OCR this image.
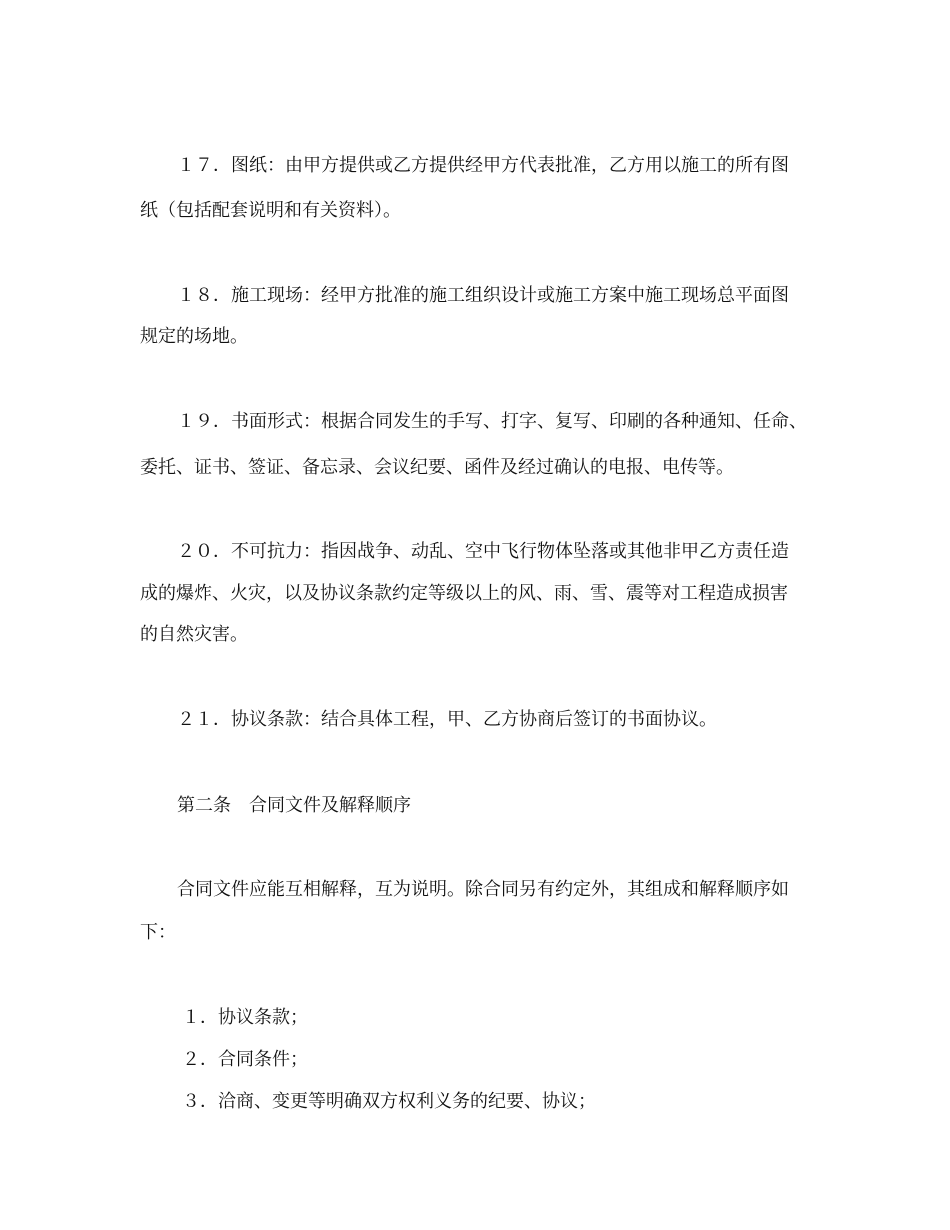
１７．图纸：由甲方提供或乙方提供经甲方代表批准，乙方用以施工的所有图
纸（包括配套说明和有关资料）。
１８．施工现场：经甲方批准的施工组织设计或施工方案中施工现场总平面图
规定的场地。
１９．书面形式：根据合同发生的手写、打字、复写、印刷的各种通知、任命、
委托、证书、签证、备忘录、会议纪要、函件及经过确认的电报、电传等。
２０．不可抗力：指因战争、动乱、空中飞行物体坠落或其他非甲乙方责任造
成的爆炸、火灾，以及协议条款约定等级以上的风、雨、雪、震等对工程造成损害
的自然灾害。
２１．协议条款：结合具体工程，甲、乙方协商后签订的书面协议。
第二条　合同文件及解释顺序
合同文件应能互相解释，互为说明。除合同另有约定外，其组成和解释顺序如
下：
１．协议条款；
２．合同条件；
３．洽商、变更等明确双方权利义务的纪要、协议；
